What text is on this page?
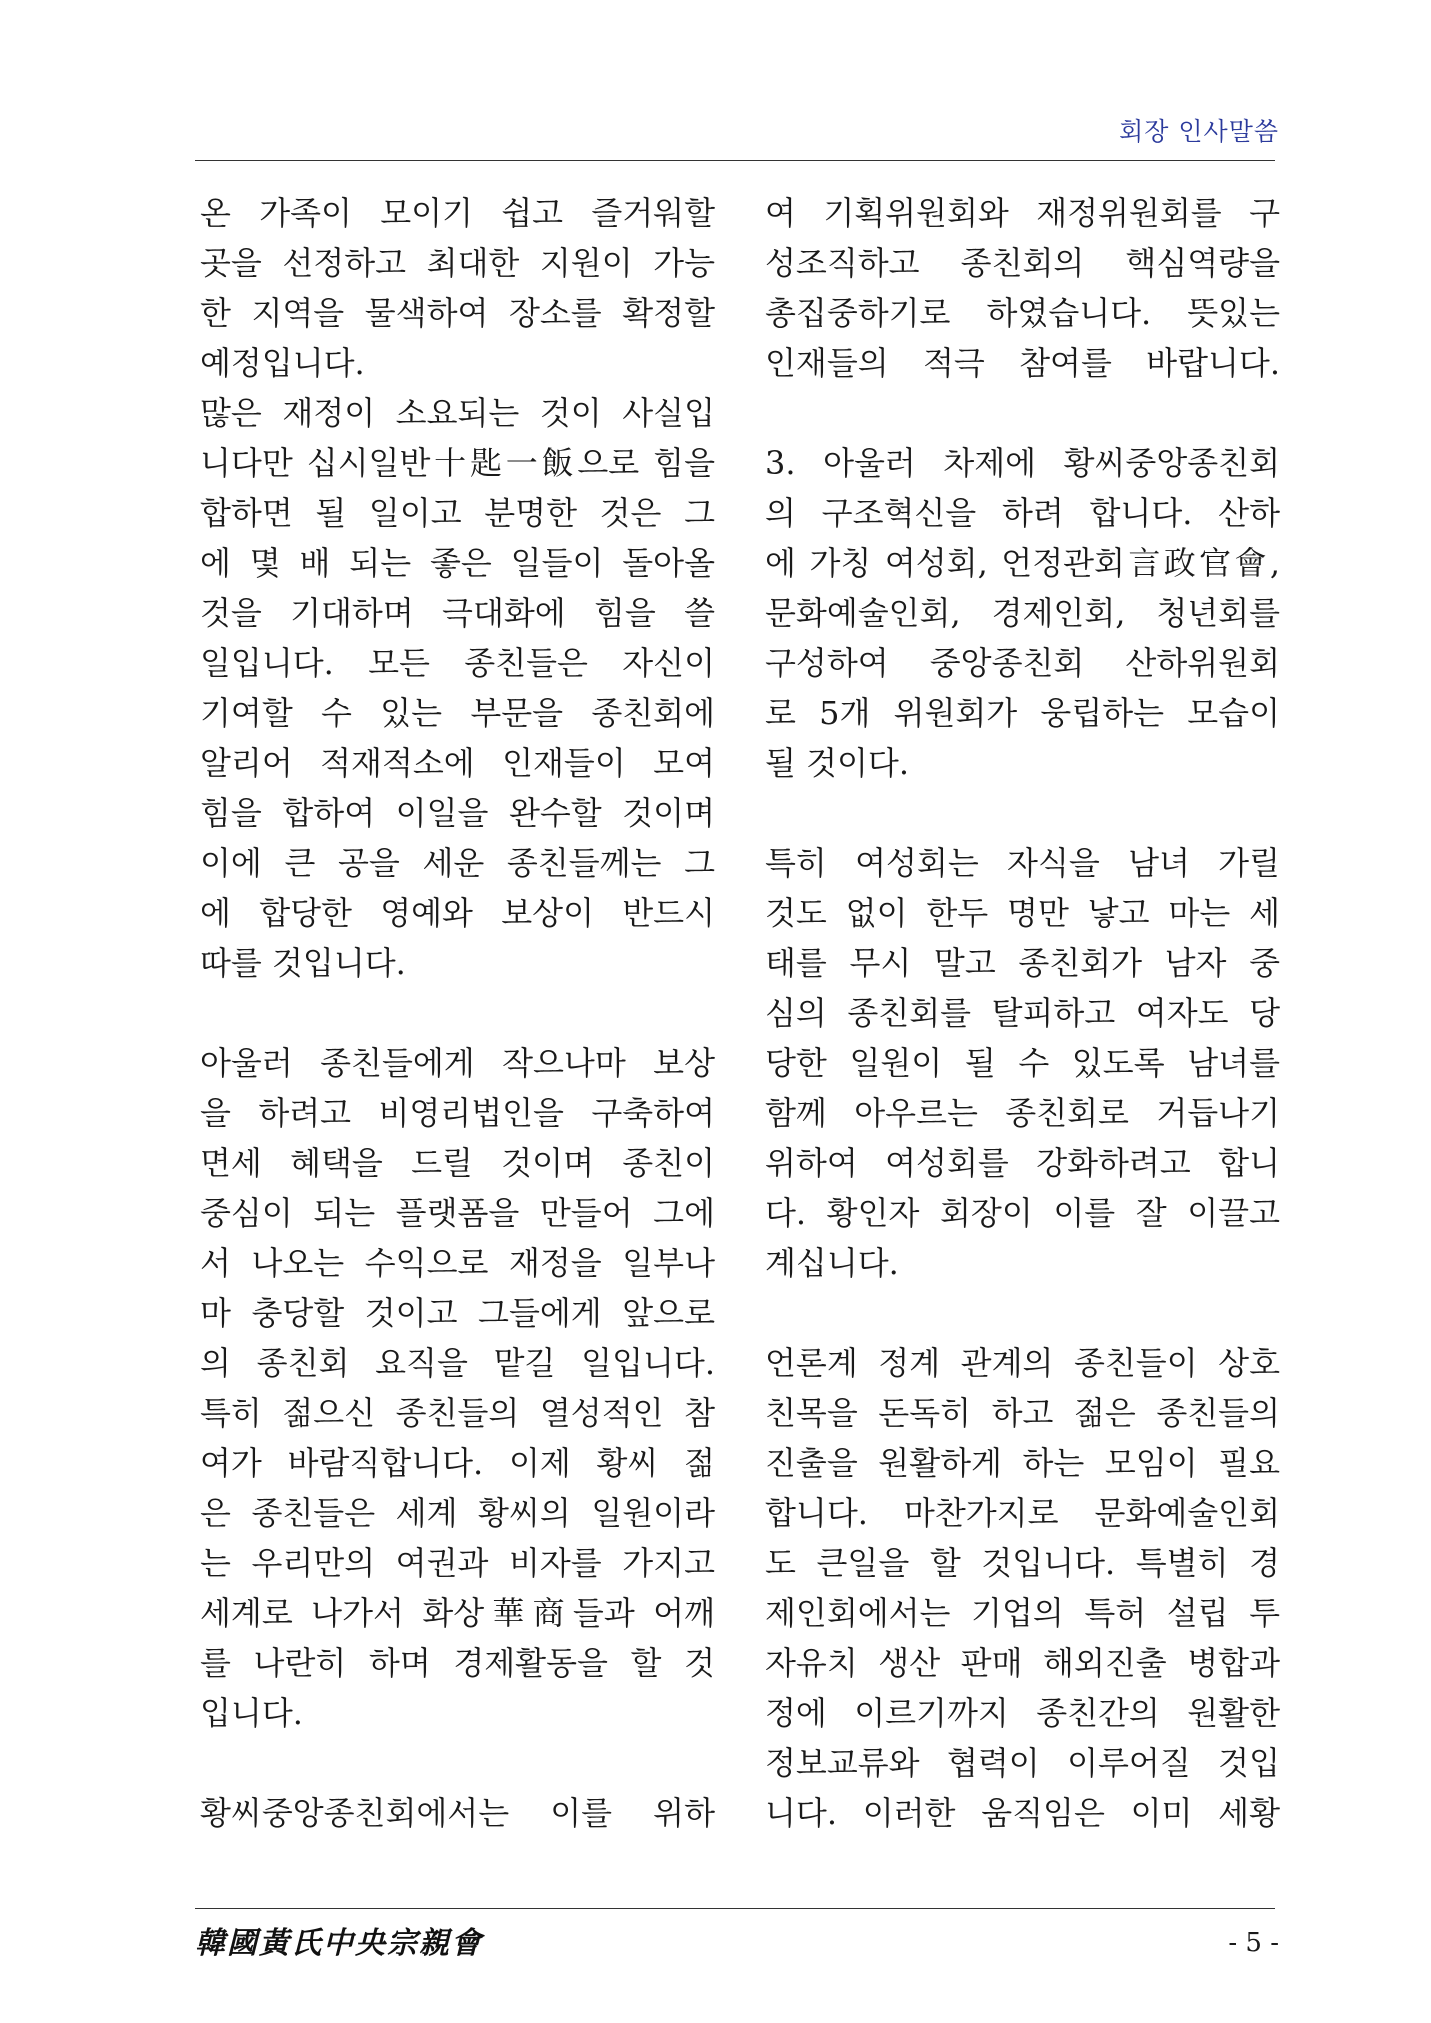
회장 인사말씀
온 가족이 모이기 쉽고 즐거워할
곳을 선정하고 최대한 지원이 가능
한 지역을 물색하여 장소를 확정할
예정입니다.
많은 재정이 소요되는 것이 사실입
니다만 십시일반十匙一飯으로 힘을
합하면 될 일이고 분명한 것은 그
에 몇 배 되는 좋은 일들이 돌아올
것을 기대하며 극대화에 힘을 쓸
일입니다. 모든 종친들은 자신이
기여할 수 있는 부문을 종친회에
알리어 적재적소에 인재들이 모여
힘을 합하여 이일을 완수할 것이며
이에 큰 공을 세운 종친들께는 그
에 합당한 영예와 보상이 반드시
따를 것입니다.
아울러 종친들에게 작으나마 보상
을 하려고 비영리법인을 구축하여
면세 혜택을 드릴 것이며 종친이
중심이 되는 플랫폼을 만들어 그에
서 나오는 수익으로 재정을 일부나
마 충당할 것이고 그들에게 앞으로
의 종친회 요직을 맡길 일입니다.
특히 젊으신 종친들의 열성적인 참
여가 바람직합니다. 이제 황씨 젊
은 종친들은 세계 황씨의 일원이라
는 우리만의 여권과 비자를 가지고
세계로 나가서 화상華商들과 어깨
를 나란히 하며 경제활동을 할 것
입니다.
황씨중앙종친회에서는 이를 위하
여 기획위원회와 재정위원회를 구
성조직하고 종친회의 핵심역량을
총집중하기로 하였습니다. 뜻있는
인재들의 적극 참여를 바랍니다.
3. 아울러 차제에 황씨중앙종친회
의 구조혁신을 하려 합니다. 산하
에 가칭 여성회, 언정관회言政官會,
문화예술인회, 경제인회, 청년회를
구성하여 중앙종친회 산하위원회
로 5개 위원회가 웅립하는 모습이
될 것이다.
특히 여성회는 자식을 남녀 가릴
것도 없이 한두 명만 낳고 마는 세
태를 무시 말고 종친회가 남자 중
심의 종친회를 탈피하고 여자도 당
당한 일원이 될 수 있도록 남녀를
함께 아우르는 종친회로 거듭나기
위하여 여성회를 강화하려고 합니
다. 황인자 회장이 이를 잘 이끌고
계십니다.
언론계 정계 관계의 종친들이 상호
친목을 돈독히 하고 젊은 종친들의
진출을 원활하게 하는 모임이 필요
합니다. 마찬가지로 문화예술인회
도 큰일을 할 것입니다. 특별히 경
제인회에서는 기업의 특허 설립 투
자유치 생산 판매 해외진출 병합과
정에 이르기까지 종친간의 원활한
정보교류와 협력이 이루어질 것입
니다. 이러한 움직임은 이미 세황
韓國黃氏中央宗親會	- 5 -
